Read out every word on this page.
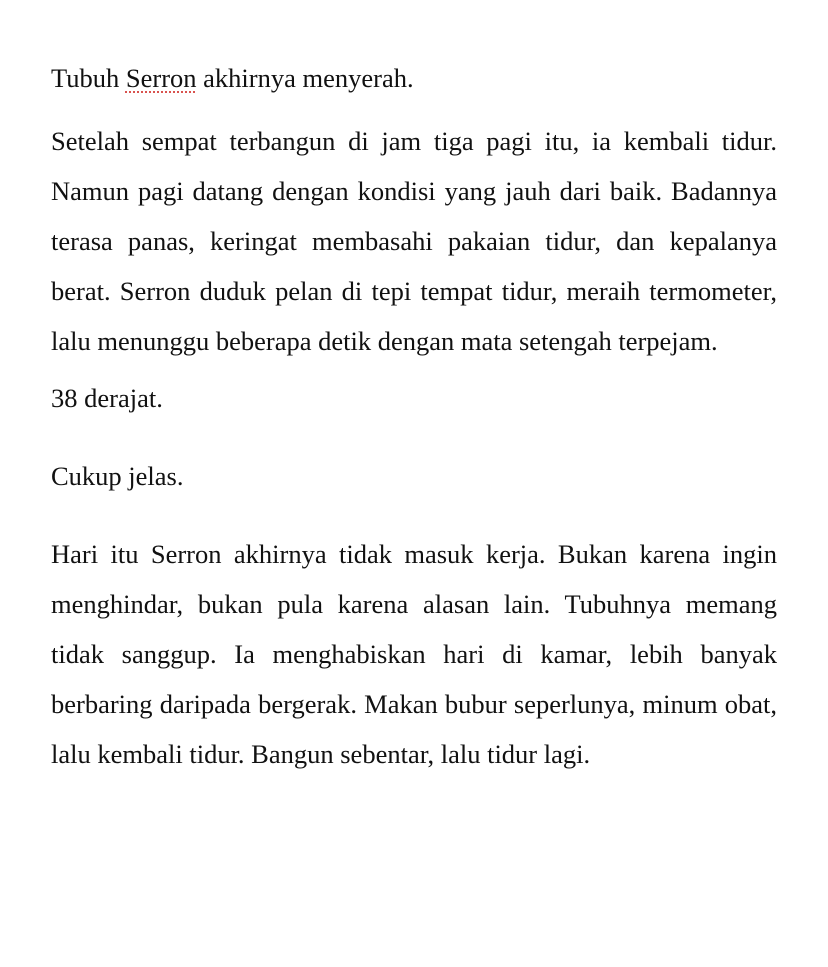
Tubuh Serron akhirnya menyerah.

Setelah sempat terbangun di jam tiga pagi itu, ia kembali tidur. Namun pagi datang dengan kondisi yang jauh dari baik. Badannya terasa panas, keringat membasahi pakaian tidur, dan kepalanya berat. Serron duduk pelan di tepi tempat tidur, meraih termometer, lalu menunggu beberapa detik dengan mata setengah terpejam.

38 derajat.

Cukup jelas.

Hari itu Serron akhirnya tidak masuk kerja. Bukan karena ingin menghindar, bukan pula karena alasan lain. Tubuhnya memang tidak sanggup. Ia menghabiskan hari di kamar, lebih banyak berbaring daripada bergerak. Makan bubur seperlunya, minum obat, lalu kembali tidur. Bangun sebentar, lalu tidur lagi.
